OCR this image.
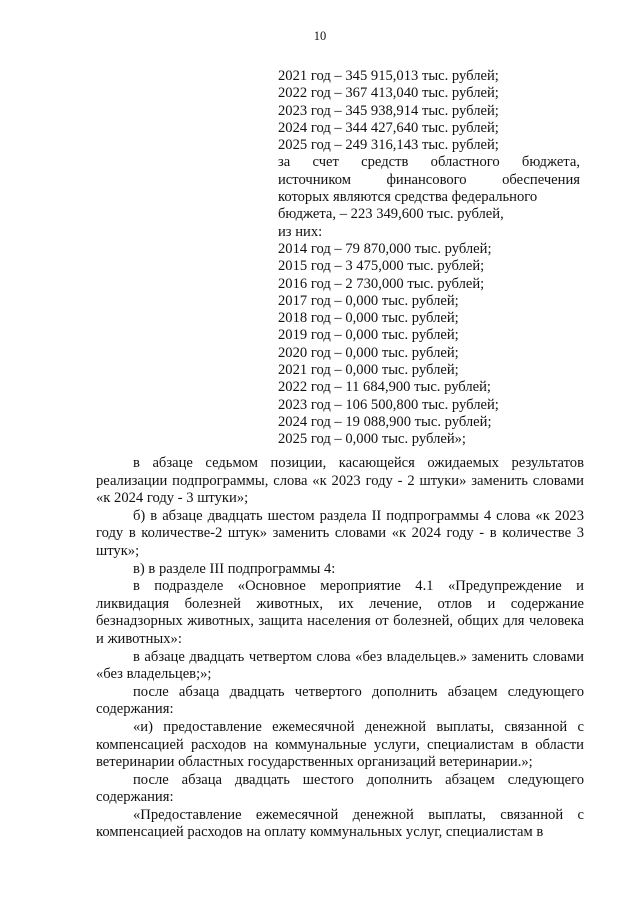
10
2021 год – 345 915,013 тыс. рублей;
2022 год – 367 413,040 тыс. рублей;
2023 год – 345 938,914 тыс. рублей;
2024 год – 344 427,640 тыс. рублей;
2025 год – 249 316,143 тыс. рублей;
за счет средств областного бюджета, источником финансового обеспечения
которых являются средства федерального
бюджета, – 223 349,600 тыс. рублей,
из них:
2014 год – 79 870,000 тыс. рублей;
2015 год – 3 475,000 тыс. рублей;
2016 год – 2 730,000 тыс. рублей;
2017 год – 0,000 тыс. рублей;
2018 год – 0,000 тыс. рублей;
2019 год – 0,000 тыс. рублей;
2020 год – 0,000 тыс. рублей;
2021 год – 0,000 тыс. рублей;
2022 год – 11 684,900 тыс. рублей;
2023 год – 106 500,800 тыс. рублей;
2024 год – 19 088,900 тыс. рублей;
2025 год – 0,000 тыс. рублей»;

в абзаце седьмом позиции, касающейся ожидаемых результатов реализации подпрограммы, слова «к 2023 году - 2 штуки» заменить словами «к 2024 году - 3 штуки»;

б) в абзаце двадцать шестом раздела II подпрограммы 4 слова «к 2023 году в количестве-2 штук» заменить словами «к 2024 году - в количестве 3 штук»;

в) в разделе III подпрограммы 4:

в подразделе «Основное мероприятие 4.1 «Предупреждение и ликвидация болезней животных, их лечение, отлов и содержание безнадзорных животных, защита населения от болезней, общих для человека и животных»:

в абзаце двадцать четвертом слова «без владельцев.» заменить словами «без владельцев;»;

после абзаца двадцать четвертого дополнить абзацем следующего содержания:

«и) предоставление ежемесячной денежной выплаты, связанной с компенсацией расходов на коммунальные услуги, специалистам в области ветеринарии областных государственных организаций ветеринарии.»;

после абзаца двадцать шестого дополнить абзацем следующего содержания:

«Предоставление ежемесячной денежной выплаты, связанной с компенсацией расходов на оплату коммунальных услуг, специалистам в
